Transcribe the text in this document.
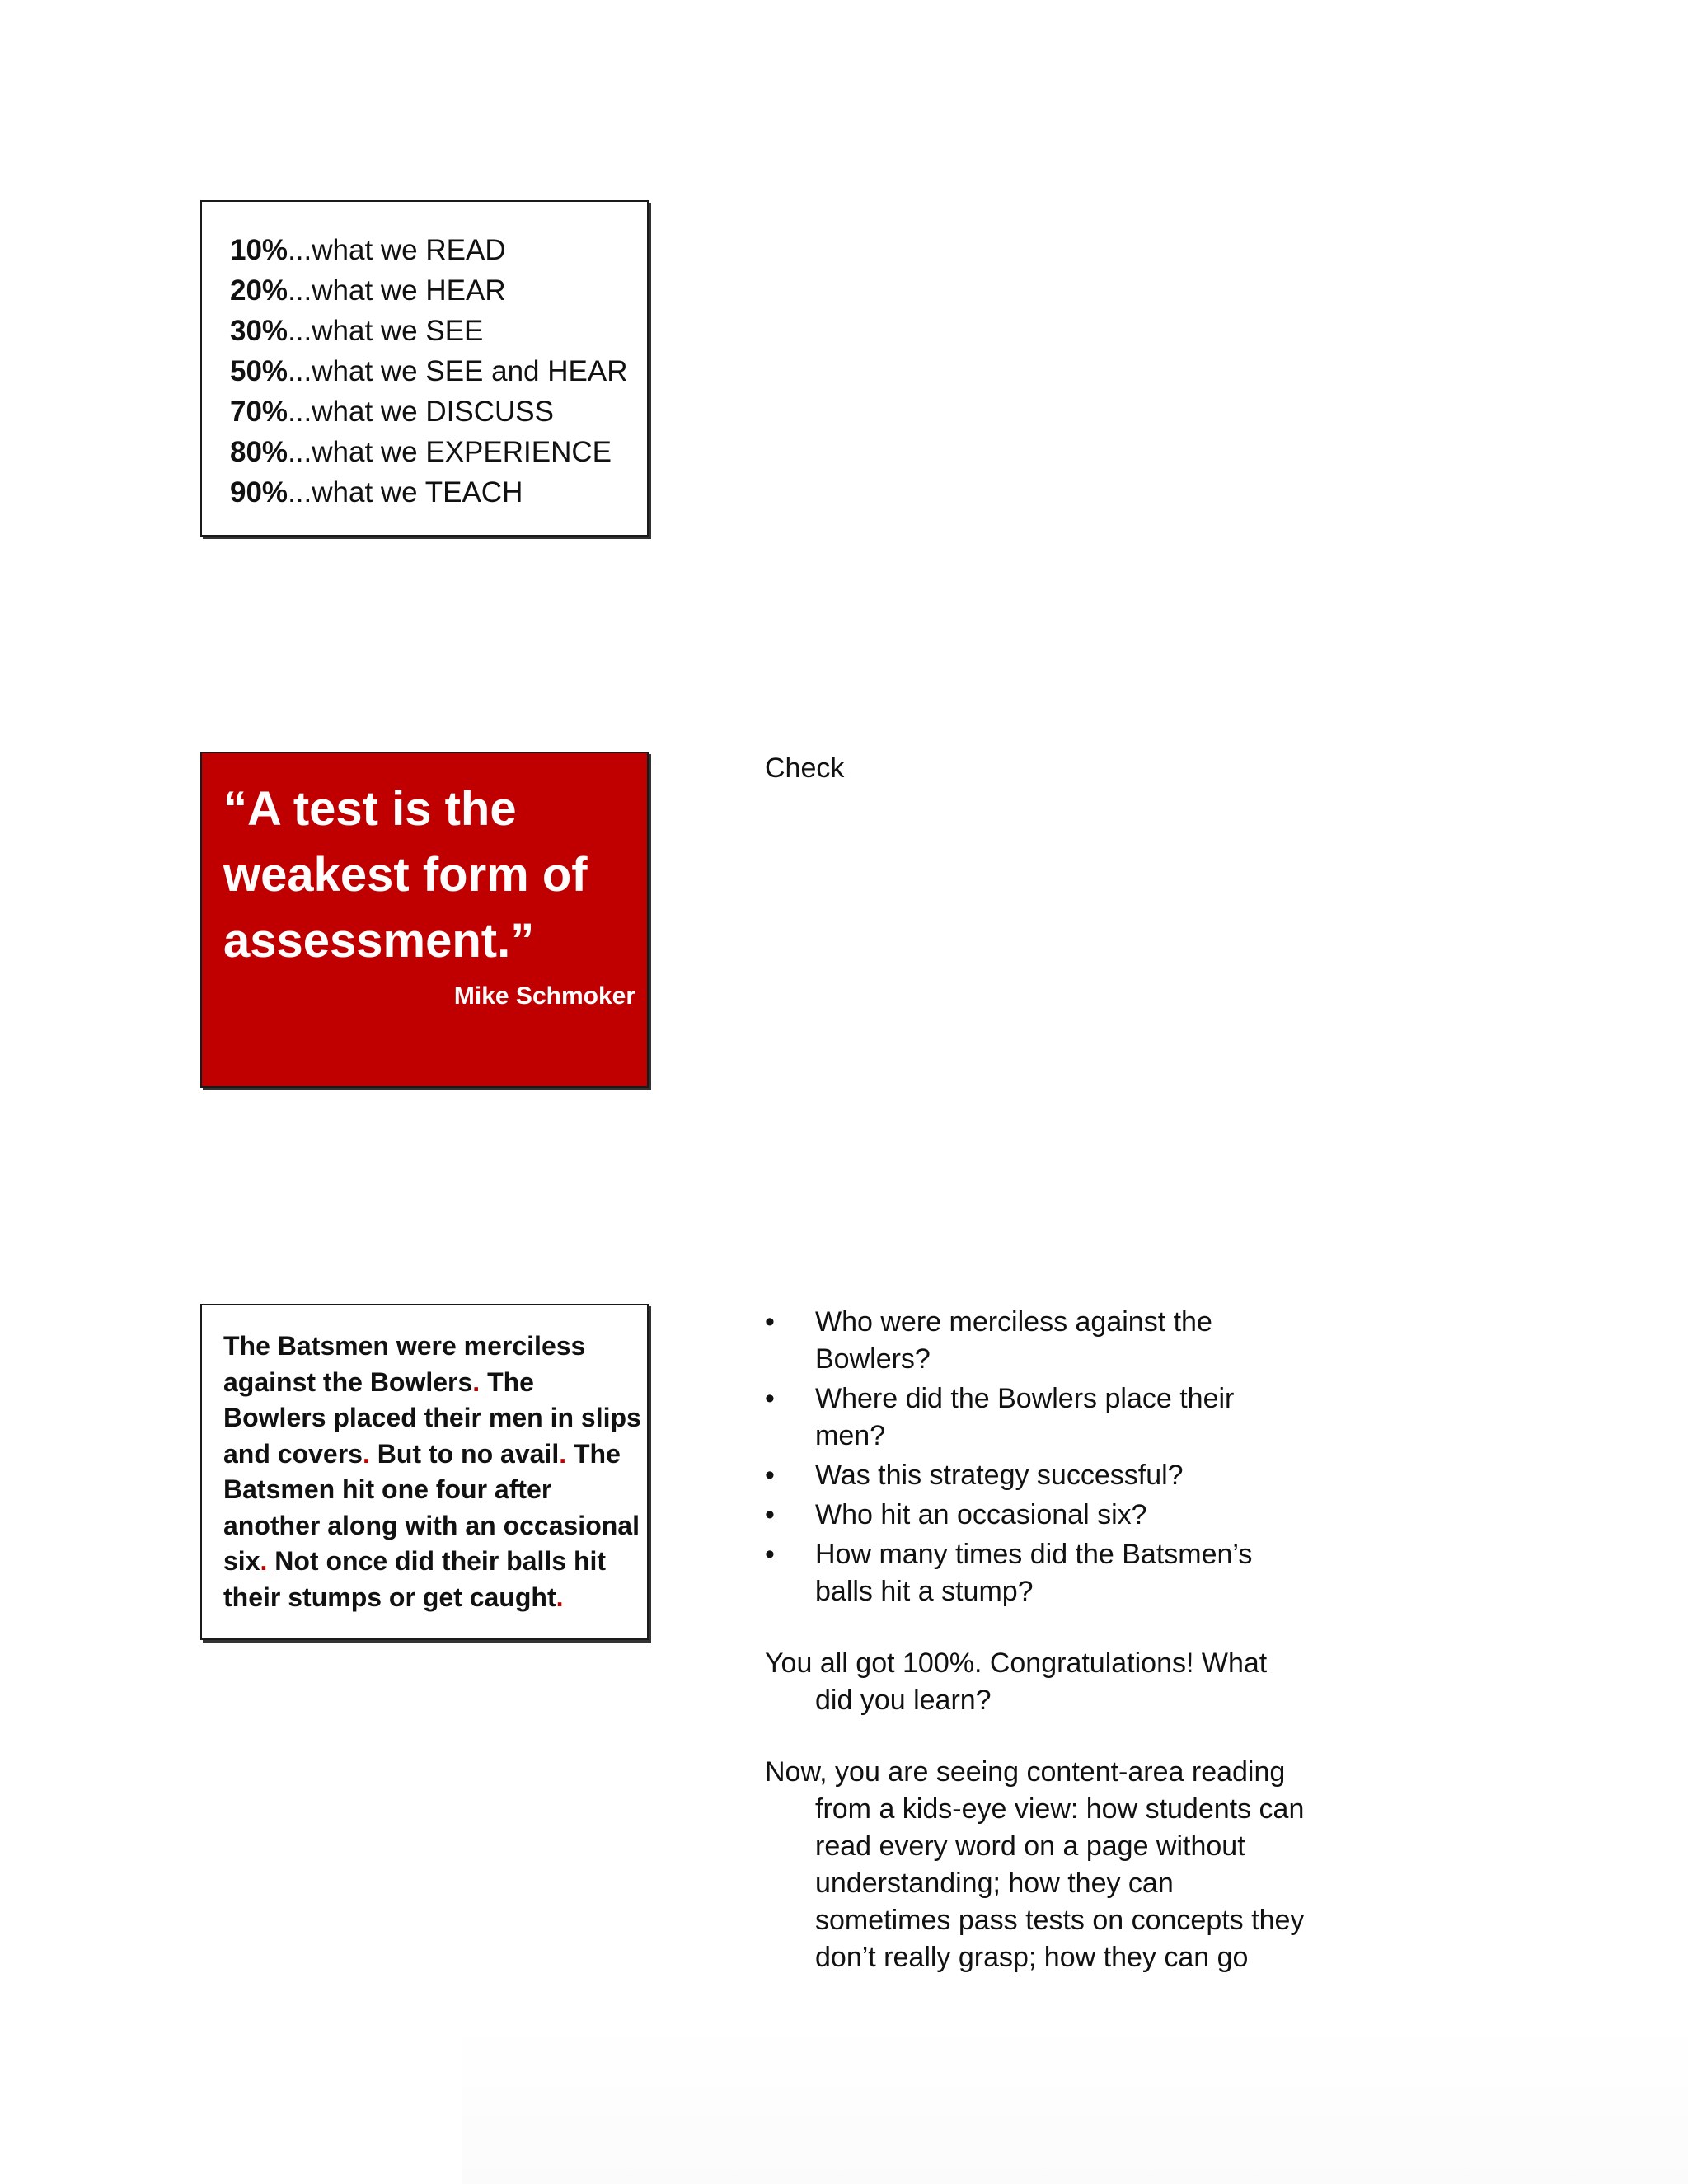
10%...what we READ
20%...what we HEAR
30%...what we SEE
50%...what we SEE and HEAR
70%...what we DISCUSS
80%...what we EXPERIENCE
90%...what we TEACH
“A test is the weakest form of assessment.”
Mike Schmoker
Check
The Batsmen were merciless against the Bowlers. The Bowlers placed their men in slips and covers. But to no avail. The Batsmen hit one four after another along with an occasional six. Not once did their balls hit their stumps or get caught.
• Who were merciless against the Bowlers?
• Where did the Bowlers place their men?
• Was this strategy successful?
• Who hit an occasional six?
• How many times did the Batsmen’s balls hit a stump?
You all got 100%. Congratulations! What did you learn?
Now, you are seeing content-area reading from a kids-eye view: how students can read every word on a page without understanding; how they can sometimes pass tests on concepts they don’t really grasp; how they can go
